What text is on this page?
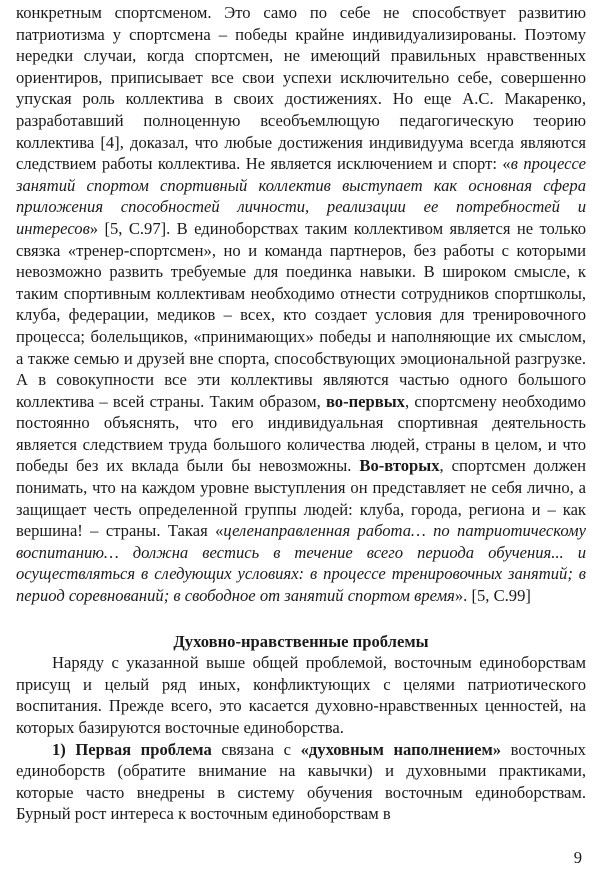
конкретным спортсменом. Это само по себе не способствует развитию патриотизма у спортсмена – победы крайне индивидуализированы. Поэтому нередки случаи, когда спортсмен, не имеющий правильных нравственных ориентиров, приписывает все свои успехи исключительно себе, совершенно упуская роль коллектива в своих достижениях. Но еще А.С. Макаренко, разработавший полноценную всеобъемлющую педагогическую теорию коллектива [4], доказал, что любые достижения индивидуума всегда являются следствием работы коллектива. Не является исключением и спорт: «в процессе занятий спортом спортивный коллектив выступает как основная сфера приложения способностей личности, реализации ее потребностей и интересов» [5, С.97]. В единоборствах таким коллективом является не только связка «тренер-спортсмен», но и команда партнеров, без работы с которыми невозможно развить требуемые для поединка навыки. В широком смысле, к таким спортивным коллективам необходимо отнести сотрудников спортшколы, клуба, федерации, медиков – всех, кто создает условия для тренировочного процесса; болельщиков, «принимающих» победы и наполняющие их смыслом, а также семью и друзей вне спорта, способствующих эмоциональной разгрузке. А в совокупности все эти коллективы являются частью одного большого коллектива – всей страны. Таким образом, во-первых, спортсмену необходимо постоянно объяснять, что его индивидуальная спортивная деятельность является следствием труда большого количества людей, страны в целом, и что победы без их вклада были бы невозможны. Во-вторых, спортсмен должен понимать, что на каждом уровне выступления он представляет не себя лично, а защищает честь определенной группы людей: клуба, города, региона и – как вершина! – страны. Такая «целенаправленная работа… по патриотическому воспитанию… должна вестись в течение всего периода обучения... и осуществляться в следующих условиях: в процессе тренировочных занятий; в период соревнований; в свободное от занятий спортом время». [5, С.99]

Духовно-нравственные проблемы

Наряду с указанной выше общей проблемой, восточным единоборствам присущ и целый ряд иных, конфликтующих с целями патриотического воспитания. Прежде всего, это касается духовно-нравственных ценностей, на которых базируются восточные единоборства.

1) Первая проблема связана с «духовным наполнением» восточных единоборств (обратите внимание на кавычки) и духовными практиками, которые часто внедрены в систему обучения восточным единоборствам. Бурный рост интереса к восточным единоборствам в

9
